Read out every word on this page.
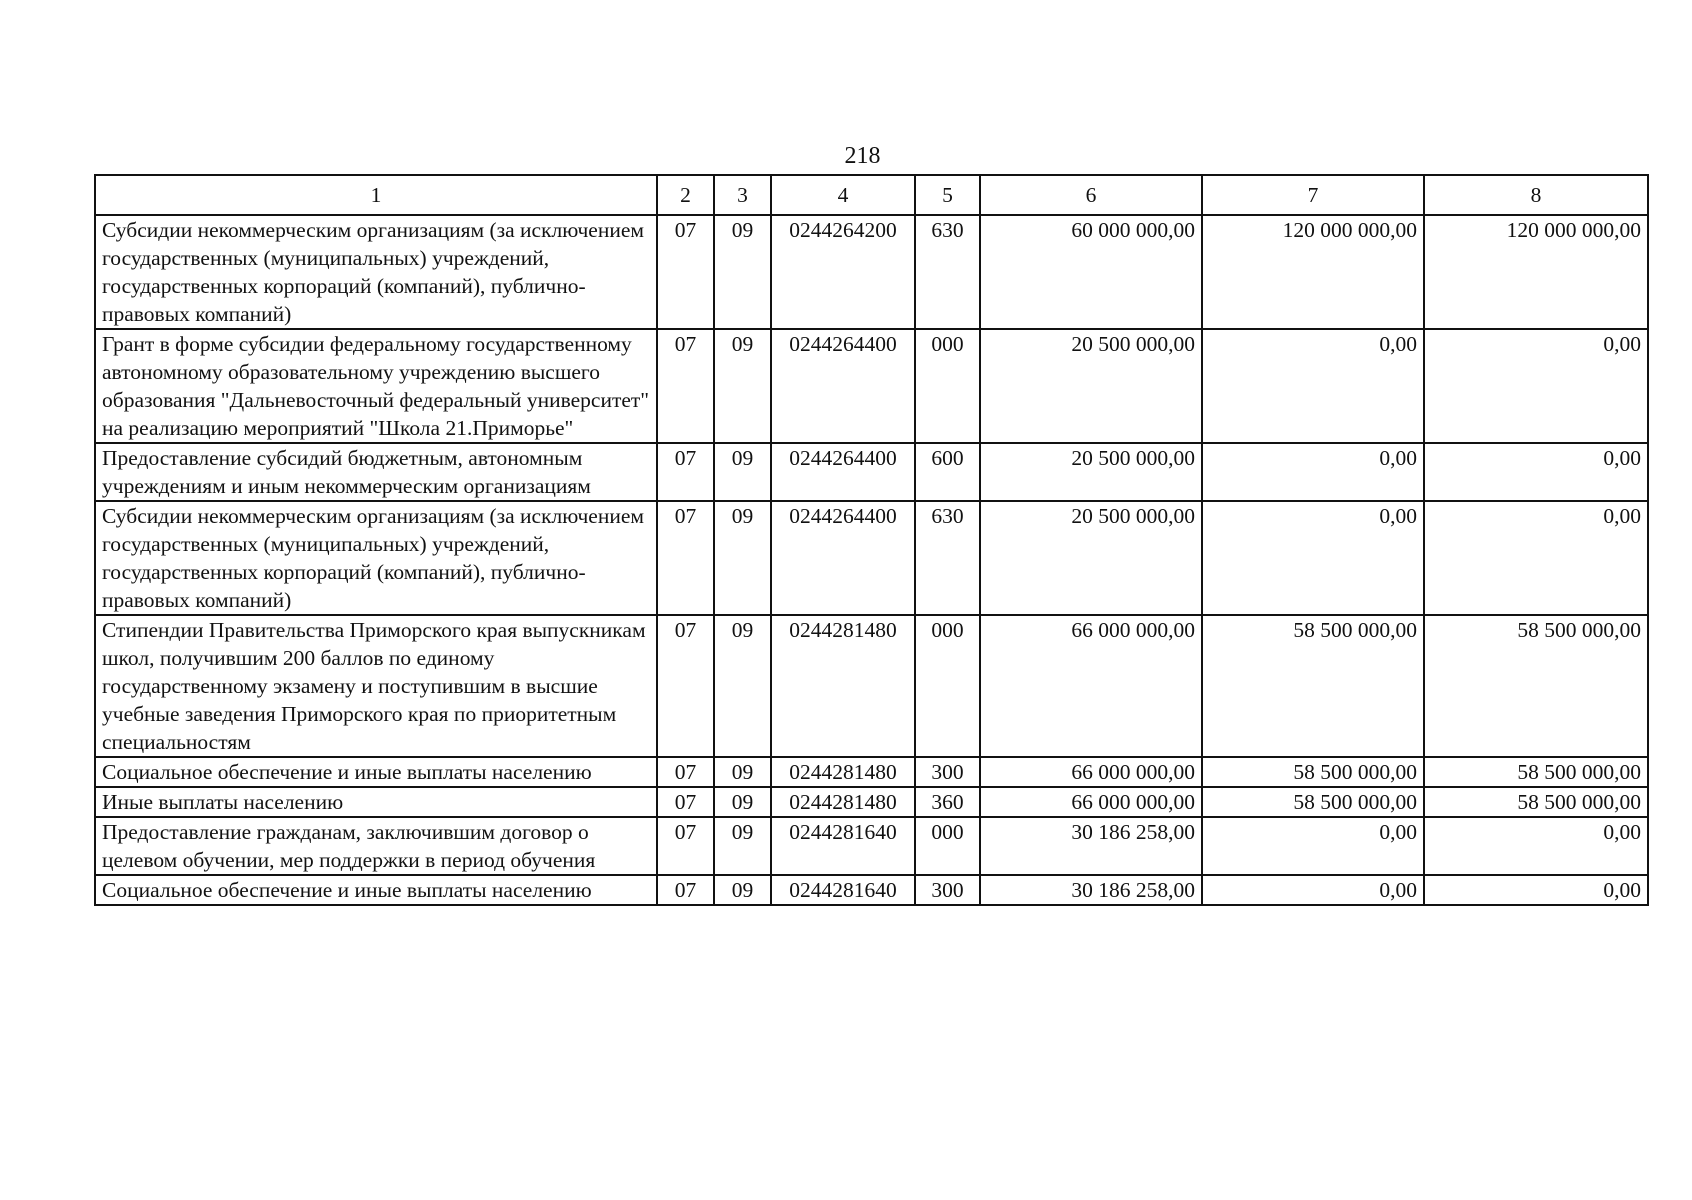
218
1	2	3	4	5	6	7	8
Субсидии некоммерческим организациям (за исключением государственных (муниципальных) учреждений, государственных корпораций (компаний), публично-правовых компаний)	07	09	0244264200	630	60 000 000,00	120 000 000,00	120 000 000,00
Грант в форме субсидии федеральному государственному автономному образовательному учреждению высшего образования "Дальневосточный федеральный университет" на реализацию мероприятий "Школа 21.Приморье"	07	09	0244264400	000	20 500 000,00	0,00	0,00
Предоставление субсидий бюджетным, автономным учреждениям и иным некоммерческим организациям	07	09	0244264400	600	20 500 000,00	0,00	0,00
Субсидии некоммерческим организациям (за исключением государственных (муниципальных) учреждений, государственных корпораций (компаний), публично-правовых компаний)	07	09	0244264400	630	20 500 000,00	0,00	0,00
Стипендии Правительства Приморского края выпускникам школ, получившим 200 баллов по единому государственному экзамену и поступившим в высшие учебные заведения Приморского края по приоритетным специальностям	07	09	0244281480	000	66 000 000,00	58 500 000,00	58 500 000,00
Социальное обеспечение и иные выплаты населению	07	09	0244281480	300	66 000 000,00	58 500 000,00	58 500 000,00
Иные выплаты населению	07	09	0244281480	360	66 000 000,00	58 500 000,00	58 500 000,00
Предоставление гражданам, заключившим договор о целевом обучении, мер поддержки в период обучения	07	09	0244281640	000	30 186 258,00	0,00	0,00
Социальное обеспечение и иные выплаты населению	07	09	0244281640	300	30 186 258,00	0,00	0,00
